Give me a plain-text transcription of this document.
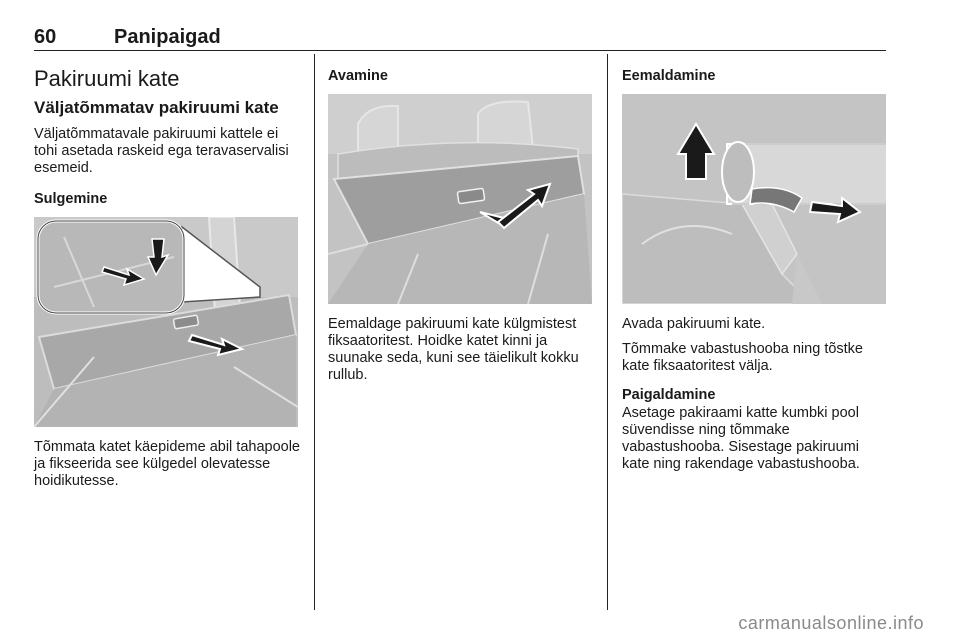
60	Panipaigad
Pakiruumi kate
Väljatõmmatav pakiruumi kate

Väljatõmmatavale pakiruumi kattele ei tohi asetada raskeid ega teravaservalisi esemeid.

Sulgemine

Tõmmata katet käepideme abil tahapoole ja fikseerida see külgedel olevatesse hoidikutesse.

Avamine

Eemaldage pakiruumi kate külgmistest fiksaatoritest. Hoidke katet kinni ja suunake seda, kuni see täielikult kokku rullub.

Eemaldamine

Avada pakiruumi kate.

Tõmmake vabastushooba ning tõstke kate fiksaatoritest välja.

Paigaldamine

Asetage pakiraami katte kumbki pool süvendisse ning tõmmake vabastushooba. Sisestage pakiruumi kate ning rakendage vabastushooba.

carmanualsonline.info
